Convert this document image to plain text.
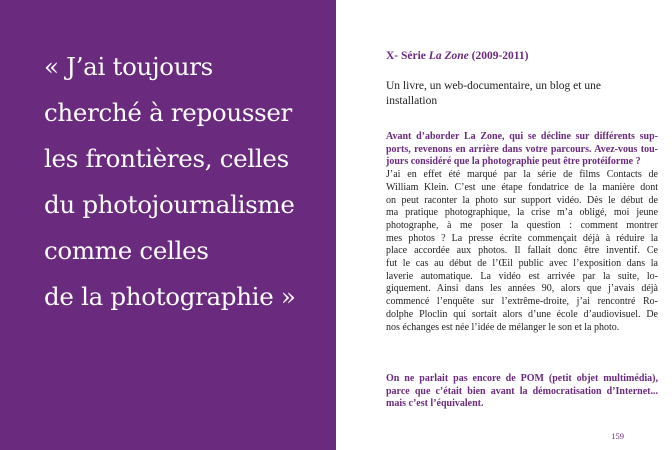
« J’ai toujours
cherché à repousser
les frontières, celles
du photojournalisme
comme celles
de la photographie »

X- Série La Zone (2009-2011)

Un livre, un web-documentaire, un blog et une installation

Avant d’aborder La Zone, qui se décline sur différents sup-
ports, revenons en arrière dans votre parcours. Avez-vous tou-
jours considéré que la photographie peut être protéiforme ?
J’ai en effet été marqué par la série de films Contacts de
William Klein. C’est une étape fondatrice de la manière dont
on peut raconter la photo sur support vidéo. Dès le début de
ma pratique photographique, la crise m’a obligé, moi jeune
photographe, à me poser la question : comment montrer
mes photos ? La presse écrite commençait déjà à réduire la
place accordée aux photos. Il fallait donc être inventif. Ce
fut le cas au début de l’Œil public avec l’exposition dans la
laverie automatique. La vidéo est arrivée par la suite, lo-
giquement. Ainsi dans les années 90, alors que j’avais déjà
commencé l’enquête sur l’extrême-droite, j’ai rencontré Ro-
dolphe Ploclin qui sortait alors d’une école d’audiovisuel. De
nos échanges est née l’idée de mélanger le son et la photo.
On ne parlait pas encore de POM (petit objet multimédia),
parce que c’était bien avant la démocratisation d’Internet...
mais c’est l’équivalent.
159
